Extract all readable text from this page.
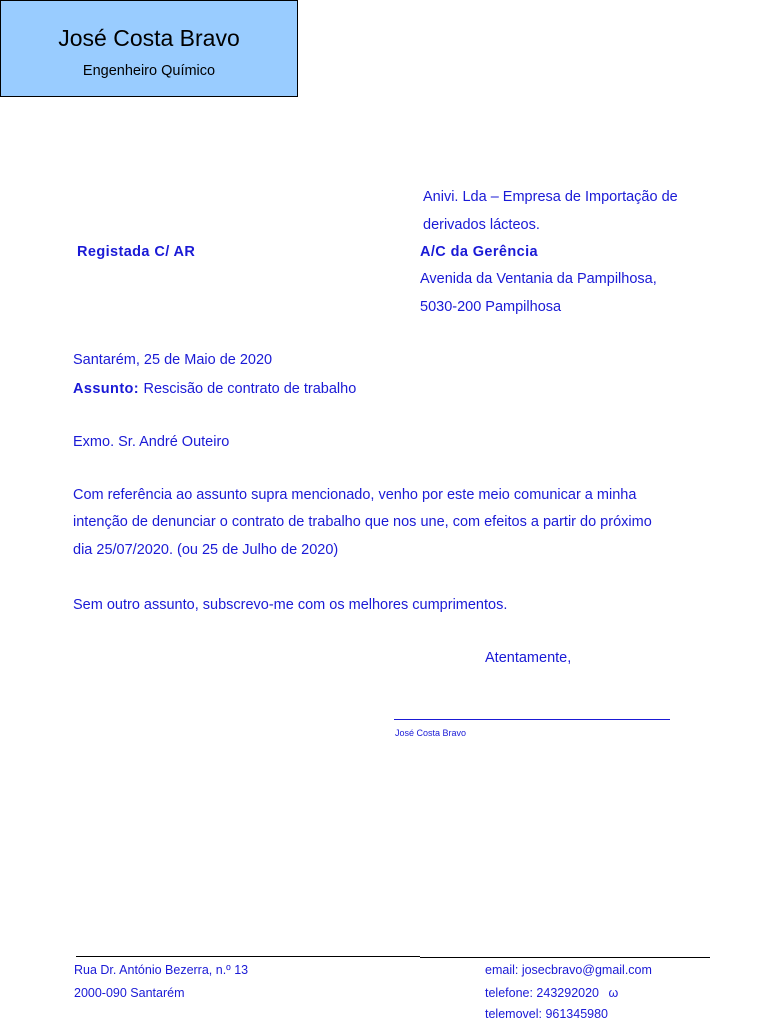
José Costa Bravo
Engenheiro Químico
Anivi. Lda – Empresa de Importação de
derivados lácteos.
Registada C/ AR	A/C da Gerência
Avenida da Ventania da Pampilhosa,
5030-200 Pampilhosa
Santarém, 25 de Maio de 2020
Assunto: Rescisão de contrato de trabalho
Exmo. Sr. André Outeiro
Com referência ao assunto supra mencionado, venho por este meio comunicar a minha
intenção de denunciar o contrato de trabalho que nos une, com efeitos a partir do próximo
dia 25/07/2020. (ou 25 de Julho de 2020)
Sem outro assunto, subscrevo-me com os melhores cumprimentos.
Atentamente,
José Costa Bravo
Rua Dr. António Bezerra, n.º 13
2000-090 Santarém
email: josecbravo@gmail.com
telefone: 243292020 ω
telemovel: 961345980
